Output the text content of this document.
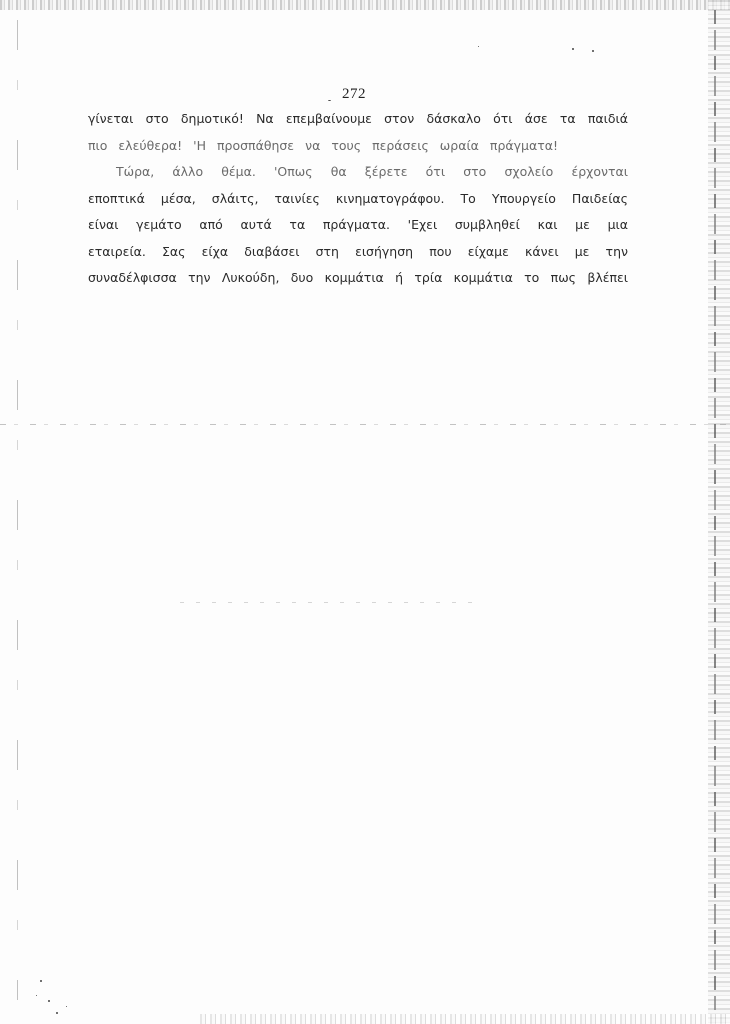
272
γίνεται στο δημοτικό! Να επεμβαίνουμε στον δάσκαλο ότι άσε τα παιδιά
πιο ελεύθερα! 'Η προσπάθησε να τους περάσεις ωραία πράγματα!
Τώρα, άλλο θέμα. 'Οπως θα ξέρετε ότι στο σχολείο έρχονται
εποπτικά μέσα, σλάιτς, ταινίες κινηματογράφου. Το Υπουργείο Παιδείας
είναι γεμάτο από αυτά τα πράγματα. 'Εχει συμβληθεί και με μια
εταιρεία. Σας είχα διαβάσει στη εισήγηση που είχαμε κάνει με την
συναδέλφισσα την Λυκούδη, δυο κομμάτια ή τρία κομμάτια το πως βλέπει
